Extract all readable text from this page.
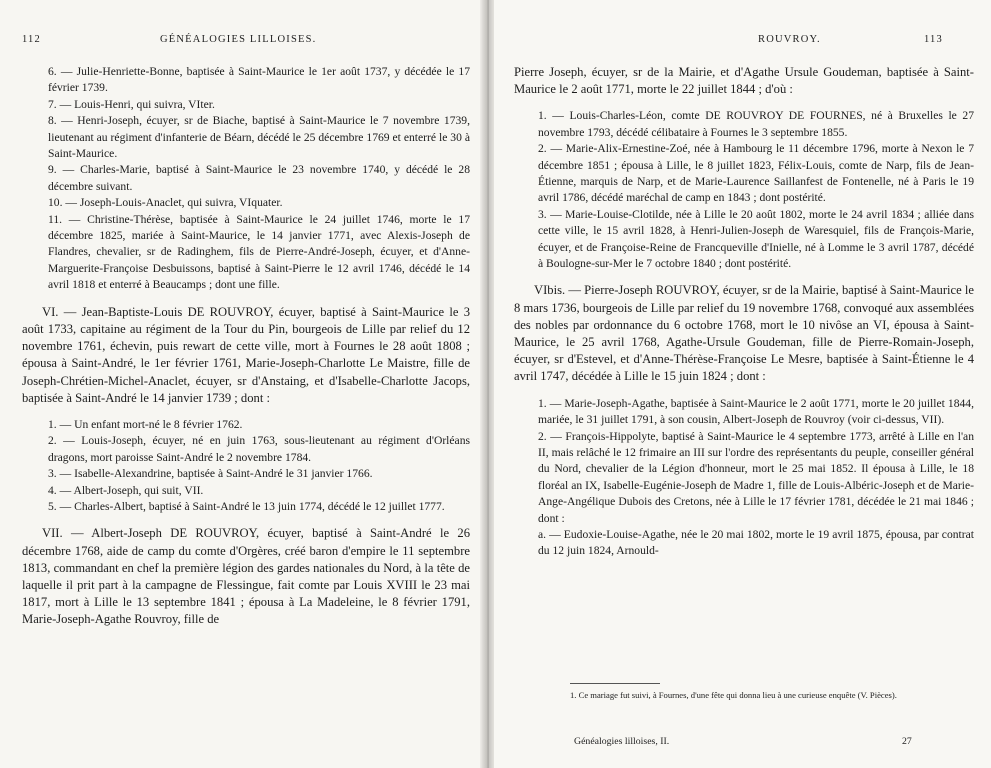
112	GÉNÉALOGIES LILLOISES.

6. — Julie-Henriette-Bonne, baptisée à Saint-Maurice le 1er août 1737, y décédée le 17 février 1739.

7. — Louis-Henri, qui suivra, VIter.

8. — Henri-Joseph, écuyer, sr de Biache, baptisé à Saint-Maurice le 7 novembre 1739, lieutenant au régiment d'infanterie de Béarn, décédé le 25 décembre 1769 et enterré le 30 à Saint-Maurice.

9. — Charles-Marie, baptisé à Saint-Maurice le 23 novembre 1740, y décédé le 28 décembre suivant.

10. — Joseph-Louis-Anaclet, qui suivra, VIquater.

11. — Christine-Thérèse, baptisée à Saint-Maurice le 24 juillet 1746, morte le 17 décembre 1825, mariée à Saint-Maurice, le 14 janvier 1771, avec Alexis-Joseph de Flandres, chevalier, sr de Radinghem, fils de Pierre-André-Joseph, écuyer, et d'Anne-Marguerite-Françoise Desbuissons, baptisé à Saint-Pierre le 12 avril 1746, décédé le 14 avril 1818 et enterré à Beaucamps ; dont une fille.

VI. — Jean-Baptiste-Louis DE ROUVROY, écuyer, baptisé à Saint-Maurice le 3 août 1733, capitaine au régiment de la Tour du Pin, bourgeois de Lille par relief du 12 novembre 1761, échevin, puis rewart de cette ville, mort à Fournes le 28 août 1808 ; épousa à Saint-André, le 1er février 1761, Marie-Joseph-Charlotte Le Maistre, fille de Joseph-Chrétien-Michel-Anaclet, écuyer, sr d'Anstaing, et d'Isabelle-Charlotte Jacops, baptisée à Saint-André le 14 janvier 1739 ; dont :

1. — Un enfant mort-né le 8 février 1762.

2. — Louis-Joseph, écuyer, né en juin 1763, sous-lieutenant au régiment d'Orléans dragons, mort paroisse Saint-André le 2 novembre 1784.

3. — Isabelle-Alexandrine, baptisée à Saint-André le 31 janvier 1766.

4. — Albert-Joseph, qui suit, VII.

5. — Charles-Albert, baptisé à Saint-André le 13 juin 1774, décédé le 12 juillet 1777.

VII. — Albert-Joseph DE ROUVROY, écuyer, baptisé à Saint-André le 26 décembre 1768, aide de camp du comte d'Orgères, créé baron d'empire le 11 septembre 1813, commandant en chef la première légion des gardes nationales du Nord, à la tête de laquelle il prit part à la campagne de Flessingue, fait comte par Louis XVIII le 23 mai 1817, mort à Lille le 13 septembre 1841 ; épousa à La Madeleine, le 8 février 1791, Marie-Joseph-Agathe Rouvroy, fille de

ROUVROY.	113

Pierre Joseph, écuyer, sr de la Mairie, et d'Agathe Ursule Goudeman, baptisée à Saint-Maurice le 2 août 1771, morte le 22 juillet 1844 ; d'où :

1. — Louis-Charles-Léon, comte DE ROUVROY DE FOURNES, né à Bruxelles le 27 novembre 1793, décédé célibataire à Fournes le 3 septembre 1855.

2. — Marie-Alix-Ernestine-Zoé, née à Hambourg le 11 décembre 1796, morte à Nexon le 7 décembre 1851 ; épousa à Lille, le 8 juillet 1823, Félix-Louis, comte de Narp, fils de Jean-Étienne, marquis de Narp, et de Marie-Laurence Saillanfest de Fontenelle, né à Paris le 19 avril 1786, décédé maréchal de camp en 1843 ; dont postérité.

3. — Marie-Louise-Clotilde, née à Lille le 20 août 1802, morte le 24 avril 1834 ; alliée dans cette ville, le 15 avril 1828, à Henri-Julien-Joseph de Waresquiel, fils de François-Marie, écuyer, et de Françoise-Reine de Francqueville d'Inielle, né à Lomme le 3 avril 1787, décédé à Boulogne-sur-Mer le 7 octobre 1840 ; dont postérité.

VIbis. — Pierre-Joseph ROUVROY, écuyer, sr de la Mairie, baptisé à Saint-Maurice le 8 mars 1736, bourgeois de Lille par relief du 19 novembre 1768, convoqué aux assemblées des nobles par ordonnance du 6 octobre 1768, mort le 10 nivôse an VI, épousa à Saint-Maurice, le 25 avril 1768, Agathe-Ursule Goudeman, fille de Pierre-Romain-Joseph, écuyer, sr d'Estevel, et d'Anne-Thérèse-Françoise Le Mesre, baptisée à Saint-Étienne le 4 avril 1747, décédée à Lille le 15 juin 1824 ; dont :

1. — Marie-Joseph-Agathe, baptisée à Saint-Maurice le 2 août 1771, morte le 20 juillet 1844, mariée, le 31 juillet 1791, à son cousin, Albert-Joseph de Rouvroy (voir ci-dessus, VII).

2. — François-Hippolyte, baptisé à Saint-Maurice le 4 septembre 1773, arrêté à Lille en l'an II, mais relâché le 12 frimaire an III sur l'ordre des représentants du peuple, conseiller général du Nord, chevalier de la Légion d'honneur, mort le 25 mai 1852. Il épousa à Lille, le 18 floréal an IX, Isabelle-Eugénie-Joseph de Madre 1, fille de Louis-Albéric-Joseph et de Marie-Ange-Angélique Dubois des Cretons, née à Lille le 17 février 1781, décédée le 21 mai 1846 ; dont :

a. — Eudoxie-Louise-Agathe, née le 20 mai 1802, morte le 19 avril 1875, épousa, par contrat du 12 juin 1824, Arnould-

1. Ce mariage fut suivi, à Fournes, d'une fête qui donna lieu à une curieuse enquête (V. Pièces).
Généalogies lilloises, II.	27
